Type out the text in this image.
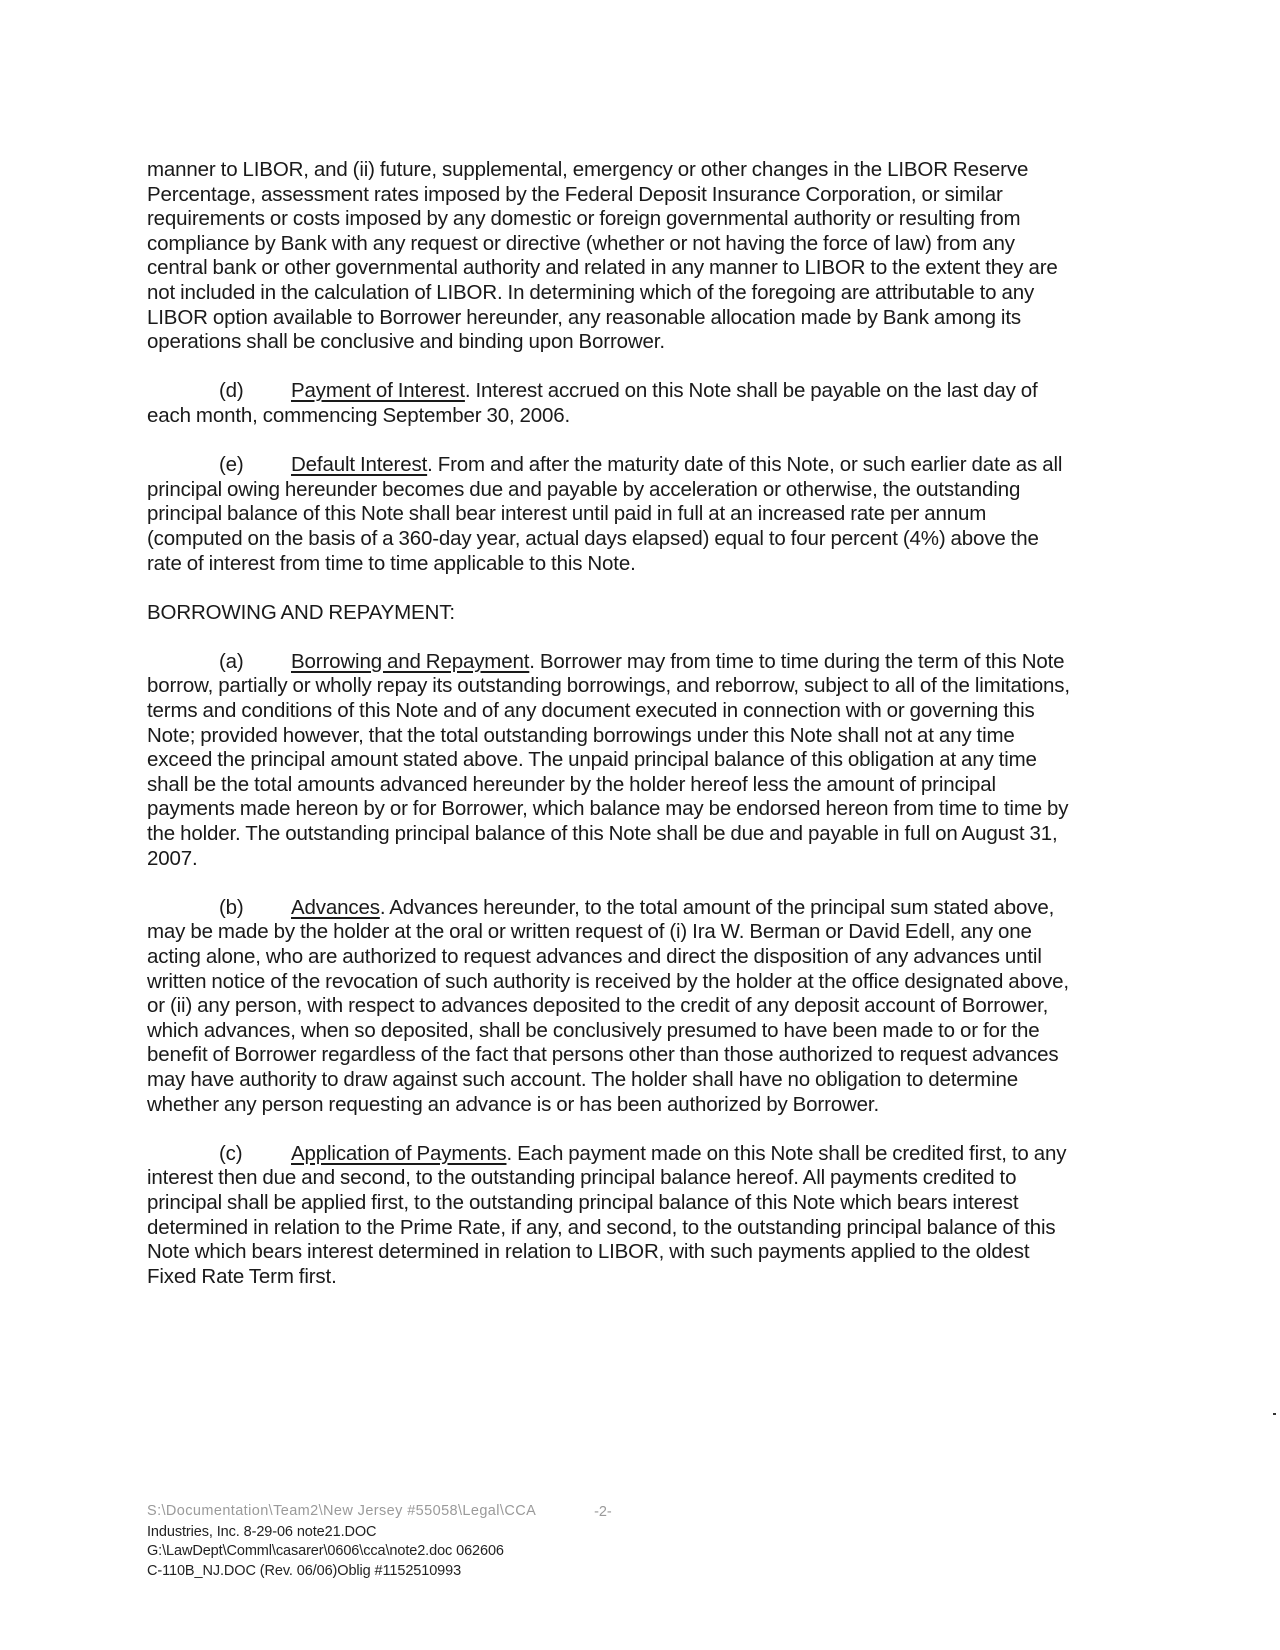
manner to LIBOR, and (ii) future, supplemental, emergency or other changes in the LIBOR Reserve Percentage, assessment rates imposed by the Federal Deposit Insurance Corporation, or similar requirements or costs imposed by any domestic or foreign governmental authority or resulting from compliance by Bank with any request or directive (whether or not having the force of law) from any central bank or other governmental authority and related in any manner to LIBOR to the extent they are not included in the calculation of LIBOR. In determining which of the foregoing are attributable to any LIBOR option available to Borrower hereunder, any reasonable allocation made by Bank among its operations shall be conclusive and binding upon Borrower.

(d) Payment of Interest. Interest accrued on this Note shall be payable on the last day of each month, commencing September 30, 2006.

(e) Default Interest. From and after the maturity date of this Note, or such earlier date as all principal owing hereunder becomes due and payable by acceleration or otherwise, the outstanding principal balance of this Note shall bear interest until paid in full at an increased rate per annum (computed on the basis of a 360-day year, actual days elapsed) equal to four percent (4%) above the rate of interest from time to time applicable to this Note.

BORROWING AND REPAYMENT:

(a) Borrowing and Repayment. Borrower may from time to time during the term of this Note borrow, partially or wholly repay its outstanding borrowings, and reborrow, subject to all of the limitations, terms and conditions of this Note and of any document executed in connection with or governing this Note; provided however, that the total outstanding borrowings under this Note shall not at any time exceed the principal amount stated above. The unpaid principal balance of this obligation at any time shall be the total amounts advanced hereunder by the holder hereof less the amount of principal payments made hereon by or for Borrower, which balance may be endorsed hereon from time to time by the holder. The outstanding principal balance of this Note shall be due and payable in full on August 31, 2007.

(b) Advances. Advances hereunder, to the total amount of the principal sum stated above, may be made by the holder at the oral or written request of (i) Ira W. Berman or David Edell, any one acting alone, who are authorized to request advances and direct the disposition of any advances until written notice of the revocation of such authority is received by the holder at the office designated above, or (ii) any person, with respect to advances deposited to the credit of any deposit account of Borrower, which advances, when so deposited, shall be conclusively presumed to have been made to or for the benefit of Borrower regardless of the fact that persons other than those authorized to request advances may have authority to draw against such account. The holder shall have no obligation to determine whether any person requesting an advance is or has been authorized by Borrower.

(c) Application of Payments. Each payment made on this Note shall be credited first, to any interest then due and second, to the outstanding principal balance hereof. All payments credited to principal shall be applied first, to the outstanding principal balance of this Note which bears interest determined in relation to the Prime Rate, if any, and second, to the outstanding principal balance of this Note which bears interest determined in relation to LIBOR, with such payments applied to the oldest Fixed Rate Term first.

S:\Documentation\Team2\New Jersey #55058\Legal\CCA	-2-
Industries, Inc. 8-29-06 note21.DOC
G:\LawDept\Comml\casarer\0606\cca\note2.doc 062606
C-110B_NJ.DOC (Rev. 06/06)Oblig #1152510993
